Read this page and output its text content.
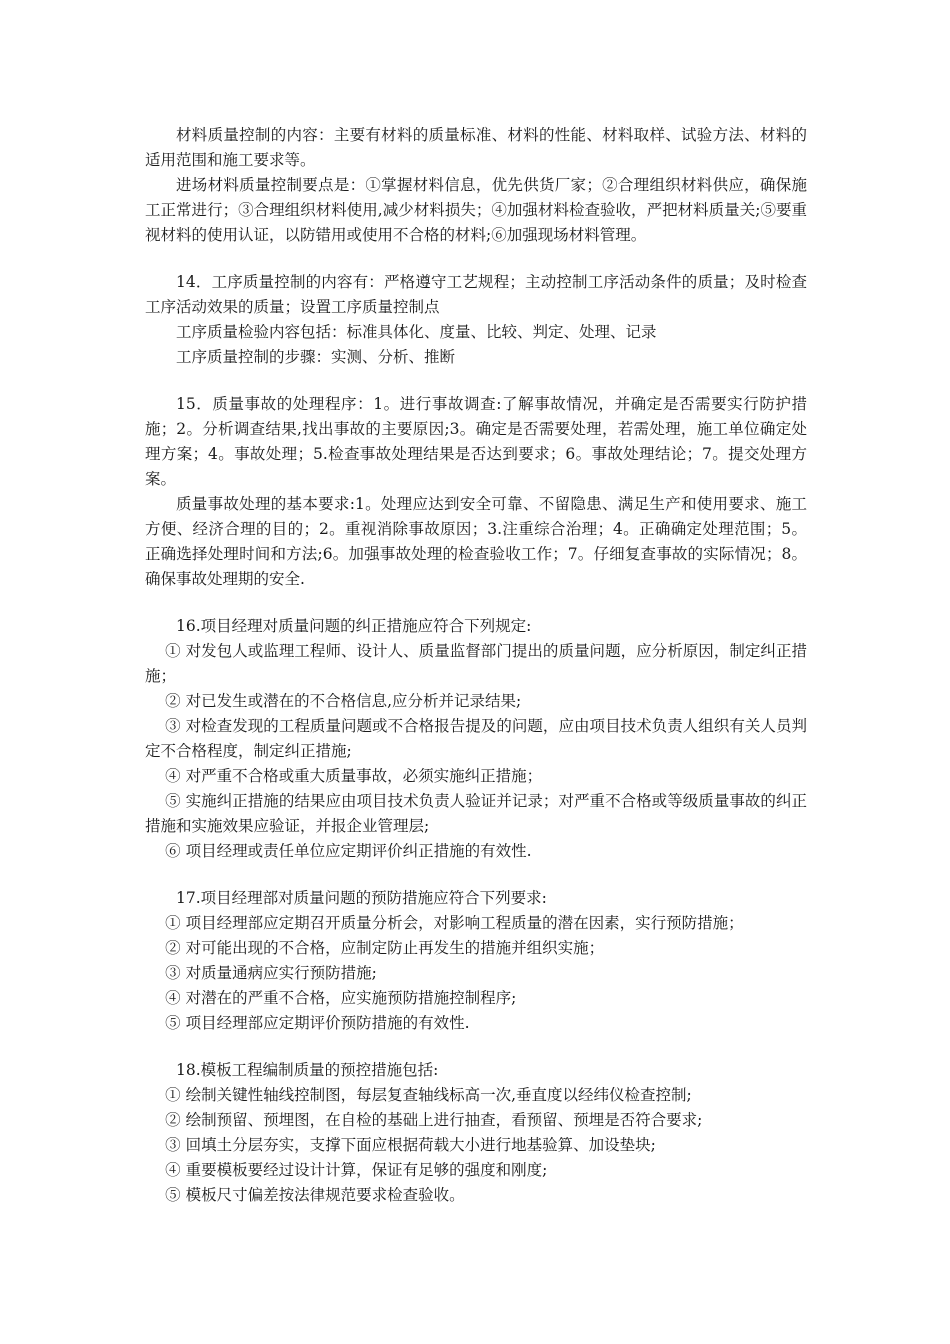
材料质量控制的内容：主要有材料的质量标准、材料的性能、材料取样、试验方法、材料的适用范围和施工要求等。

进场材料质量控制要点是：①掌握材料信息，优先供货厂家；②合理组织材料供应，确保施工正常进行；③合理组织材料使用,减少材料损失；④加强材料检查验收，严把材料质量关;⑤要重视材料的使用认证，以防错用或使用不合格的材料;⑥加强现场材料管理。

14．工序质量控制的内容有：严格遵守工艺规程；主动控制工序活动条件的质量；及时检查工序活动效果的质量；设置工序质量控制点

工序质量检验内容包括：标准具体化、度量、比较、判定、处理、记录

工序质量控制的步骤：实测、分析、推断

15．质量事故的处理程序：1。进行事故调查:了解事故情况，并确定是否需要实行防护措施；2。分析调查结果,找出事故的主要原因;3。确定是否需要处理，若需处理，施工单位确定处理方案；4。事故处理；5.检查事故处理结果是否达到要求；6。事故处理结论；7。提交处理方案。

质量事故处理的基本要求:1。处理应达到安全可靠、不留隐患、满足生产和使用要求、施工方便、经济合理的目的；2。重视消除事故原因；3.注重综合治理；4。正确确定处理范围；5。正确选择处理时间和方法;6。加强事故处理的检查验收工作；7。仔细复查事故的实际情况；8。确保事故处理期的安全.

16.项目经理对质量问题的纠正措施应符合下列规定:

① 对发包人或监理工程师、设计人、质量监督部门提出的质量问题，应分析原因，制定纠正措施；

② 对已发生或潜在的不合格信息,应分析并记录结果;

③ 对检查发现的工程质量问题或不合格报告提及的问题，应由项目技术负责人组织有关人员判定不合格程度，制定纠正措施;

④ 对严重不合格或重大质量事故，必须实施纠正措施；

⑤ 实施纠正措施的结果应由项目技术负责人验证并记录；对严重不合格或等级质量事故的纠正措施和实施效果应验证，并报企业管理层;

⑥ 项目经理或责任单位应定期评价纠正措施的有效性.

17.项目经理部对质量问题的预防措施应符合下列要求:

① 项目经理部应定期召开质量分析会，对影响工程质量的潜在因素，实行预防措施；

② 对可能出现的不合格，应制定防止再发生的措施并组织实施；

③ 对质量通病应实行预防措施;

④ 对潜在的严重不合格，应实施预防措施控制程序;

⑤ 项目经理部应定期评价预防措施的有效性.

18.模板工程编制质量的预控措施包括:

① 绘制关键性轴线控制图，每层复查轴线标高一次,垂直度以经纬仪检查控制;

② 绘制预留、预埋图，在自检的基础上进行抽查，看预留、预埋是否符合要求;

③ 回填土分层夯实，支撑下面应根据荷载大小进行地基验算、加设垫块;

④ 重要模板要经过设计计算，保证有足够的强度和刚度;

⑤ 模板尺寸偏差按法律规范要求检查验收。
